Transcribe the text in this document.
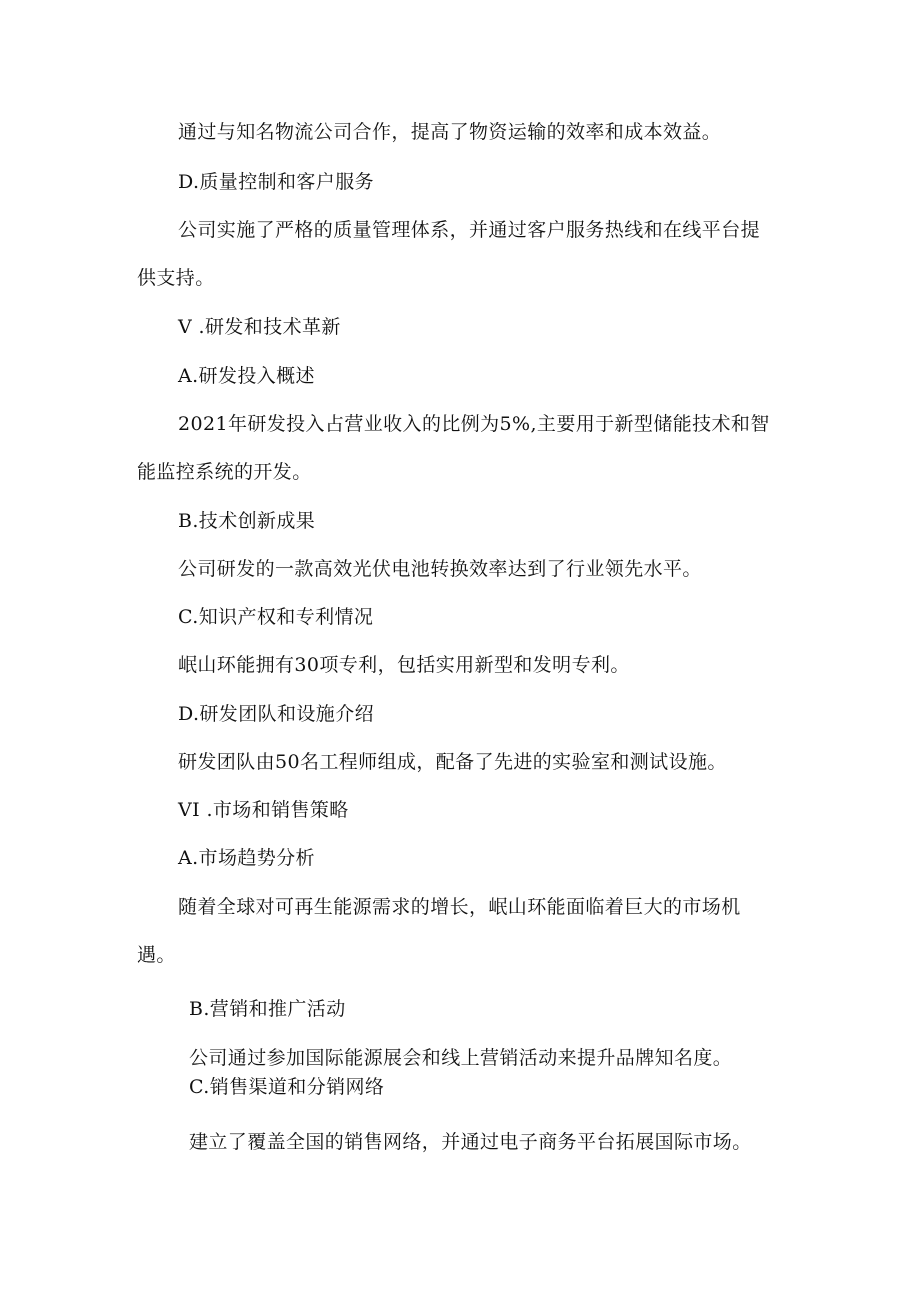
通过与知名物流公司合作，提高了物资运输的效率和成本效益。
D.质量控制和客户服务
公司实施了严格的质量管理体系，并通过客户服务热线和在线平台提
供支持。
V .研发和技术革新
A.研发投入概述
2021年研发投入占营业收入的比例为5%,主要用于新型储能技术和智
能监控系统的开发。
B.技术创新成果
公司研发的一款高效光伏电池转换效率达到了行业领先水平。
C.知识产权和专利情况
岷山环能拥有30项专利，包括实用新型和发明专利。
D.研发团队和设施介绍
研发团队由50名工程师组成，配备了先进的实验室和测试设施。
VI .市场和销售策略
A.市场趋势分析
随着全球对可再生能源需求的增长，岷山环能面临着巨大的市场机
遇。
B.营销和推广活动
公司通过参加国际能源展会和线上营销活动来提升品牌知名度。
C.销售渠道和分销网络
建立了覆盖全国的销售网络，并通过电子商务平台拓展国际市场。
